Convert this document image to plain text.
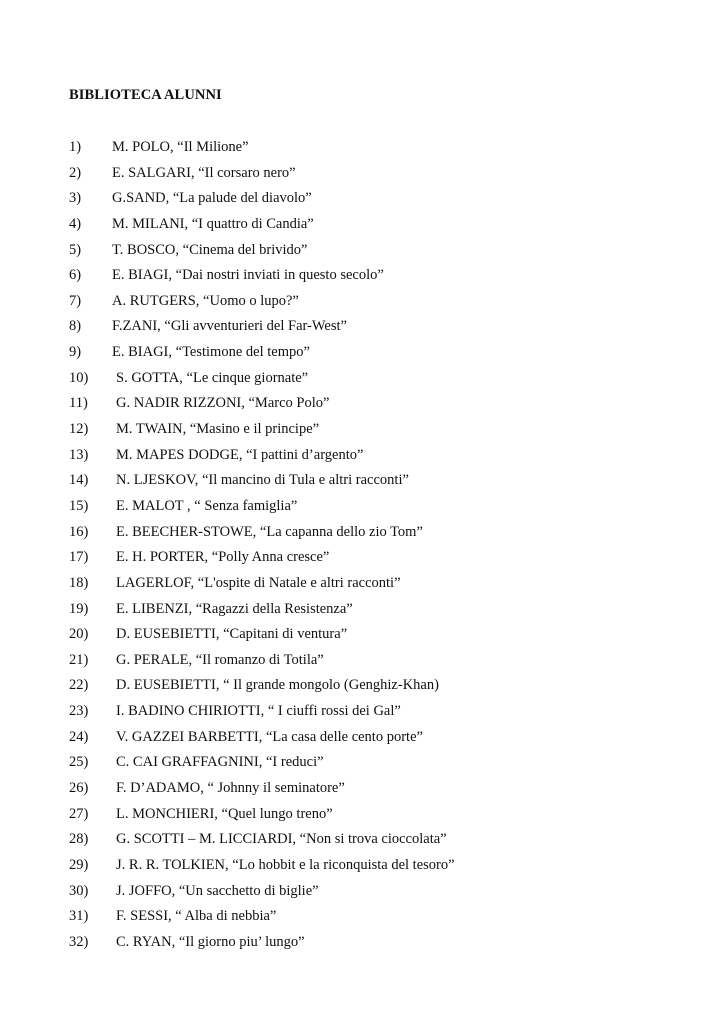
BIBLIOTECA ALUNNI
1) M. POLO, “Il Milione”
2) E. SALGARI, “Il corsaro nero”
3) G.SAND, “La palude del diavolo”
4) M. MILANI, “I quattro di Candia”
5) T. BOSCO, “Cinema del brivido”
6) E. BIAGI, “Dai nostri inviati in questo secolo”
7) A. RUTGERS, “Uomo o lupo?”
8) F.ZANI, “Gli avventurieri del Far-West”
9) E. BIAGI, “Testimone del tempo”
10) S. GOTTA, “Le cinque giornate”
11) G. NADIR RIZZONI, “Marco Polo”
12) M. TWAIN, “Masino e il principe”
13) M. MAPES DODGE, “I pattini d’argento”
14) N. LJESKOV, “Il mancino di Tula e altri racconti”
15) E. MALOT , “ Senza famiglia”
16) E. BEECHER-STOWE, “La capanna dello zio Tom”
17) E. H. PORTER, “Polly Anna cresce”
18) LAGERLOF, “L'ospite di Natale e altri racconti”
19) E. LIBENZI, “Ragazzi della Resistenza”
20) D. EUSEBIETTI, “Capitani di ventura”
21) G. PERALE, “Il romanzo di Totila”
22) D. EUSEBIETTI, “ Il grande mongolo (Genghiz-Khan)
23) I. BADINO CHIRIOTTI, “ I ciuffi rossi dei Gal”
24) V. GAZZEI BARBETTI, “La casa delle cento porte”
25) C. CAI GRAFFAGNINI, “I reduci”
26) F. D’ADAMO, “ Johnny il seminatore”
27) L. MONCHIERI, “Quel lungo treno”
28) G. SCOTTI – M. LICCIARDI, “Non si trova cioccolata”
29) J. R. R. TOLKIEN, “Lo hobbit e la riconquista del tesoro”
30) J. JOFFO, “Un sacchetto di biglie”
31) F. SESSI, “ Alba di nebbia”
32) C. RYAN, “Il giorno piu’ lungo”
